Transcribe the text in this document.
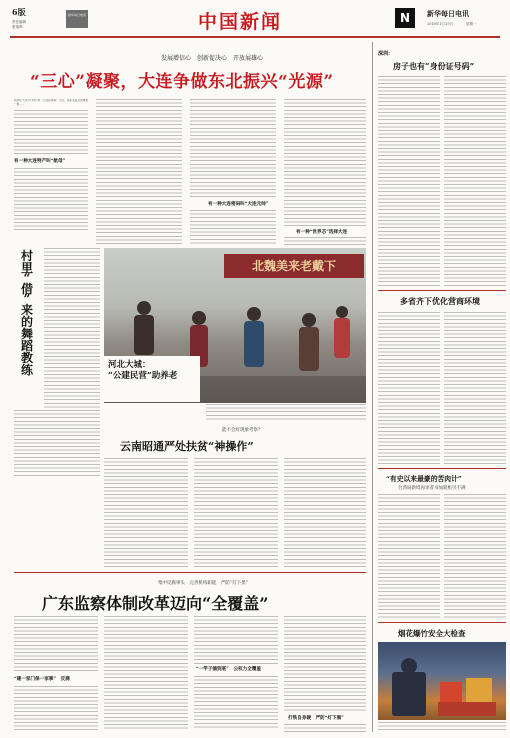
6版
责任编辑
张逸鸣
新华每日电讯	中国新闻	N	新华每日电讯
2018年1月29日	星期一
发展增信心　创新促决心　开放展雄心
“三心”凝聚，大连争做东北振兴“光源”
新华社大连1月28日电（记者赵承等）大连，是东北振兴的重要一极……
有一种大连特产叫“航母”
有一种大连密码叫“大连元帅”
有一种“世界芯”选择大连
村
里
“
借
”
来
的
舞
蹈
教
练
北魏美来老戴下
河北大城：
“公建民营”助养老
能不会好现象考察？
云南昭通严处扶贫“神操作”
集中反腐事头　完善机构职能　严防“灯下黑”
广东监察体制改革迈向“全覆盖”
“建一家门保一家事”　反腐
“一竿子插到底”　公权力全覆盖
打铁自身硬　严防“灯下黑”
深圳：
房子也有“身份证号码”
多省齐下优化营商环境
“有史以来最豪的苦肉计”
台湾局新境再审者书加就机引不满
烟花爆竹安全大检查
